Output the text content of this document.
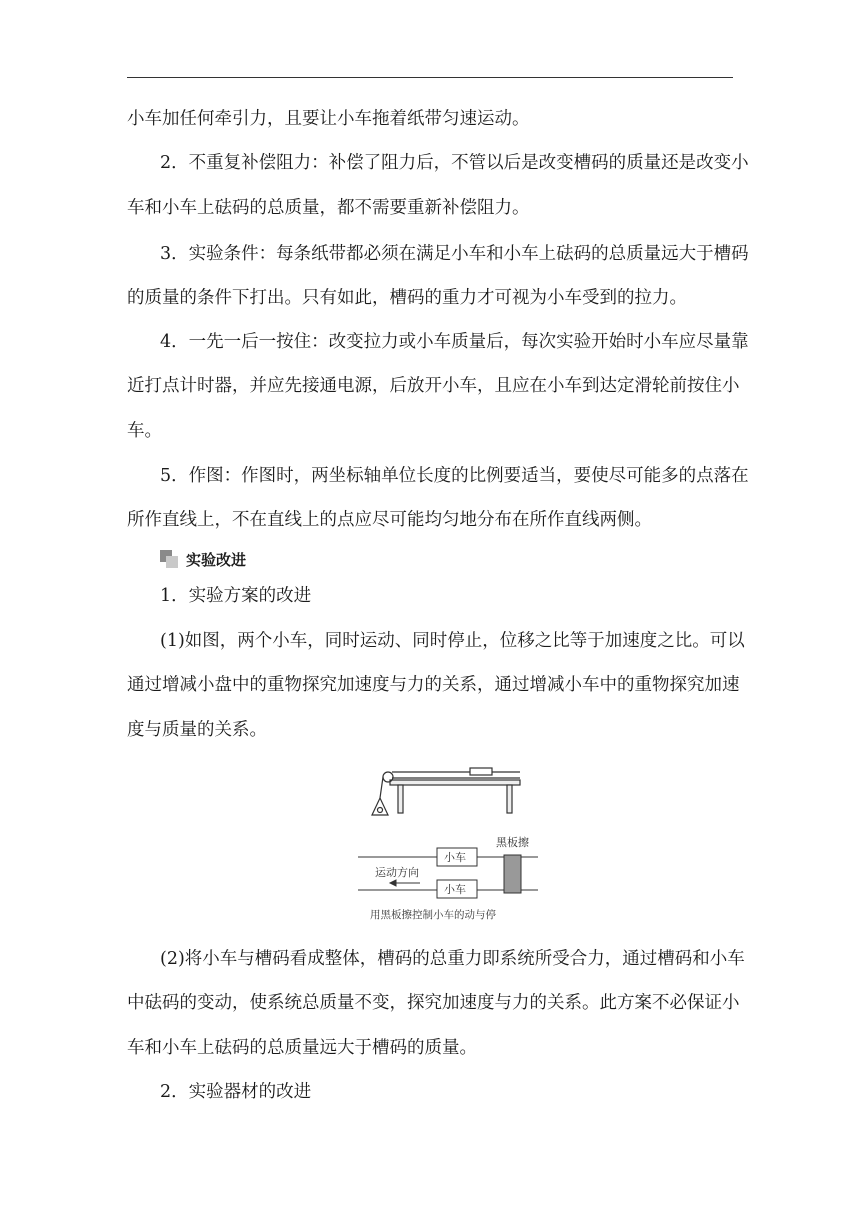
小车加任何牵引力，且要让小车拖着纸带匀速运动。
2．不重复补偿阻力：补偿了阻力后，不管以后是改变槽码的质量还是改变小
车和小车上砝码的总质量，都不需要重新补偿阻力。
3．实验条件：每条纸带都必须在满足小车和小车上砝码的总质量远大于槽码
的质量的条件下打出。只有如此，槽码的重力才可视为小车受到的拉力。
4．一先一后一按住：改变拉力或小车质量后，每次实验开始时小车应尽量靠
近打点计时器，并应先接通电源，后放开小车，且应在小车到达定滑轮前按住小
车。
5．作图：作图时，两坐标轴单位长度的比例要适当，要使尽可能多的点落在
所作直线上，不在直线上的点应尽可能均匀地分布在所作直线两侧。
实验改进
1．实验方案的改进
(1)如图，两个小车，同时运动、同时停止，位移之比等于加速度之比。可以
通过增减小盘中的重物探究加速度与力的关系，通过增减小车中的重物探究加速
度与质量的关系。
黑板擦
小车
小车
运动方向
用黑板擦控制小车的动与停
(2)将小车与槽码看成整体，槽码的总重力即系统所受合力，通过槽码和小车
中砝码的变动，使系统总质量不变，探究加速度与力的关系。此方案不必保证小
车和小车上砝码的总质量远大于槽码的质量。
2．实验器材的改进
